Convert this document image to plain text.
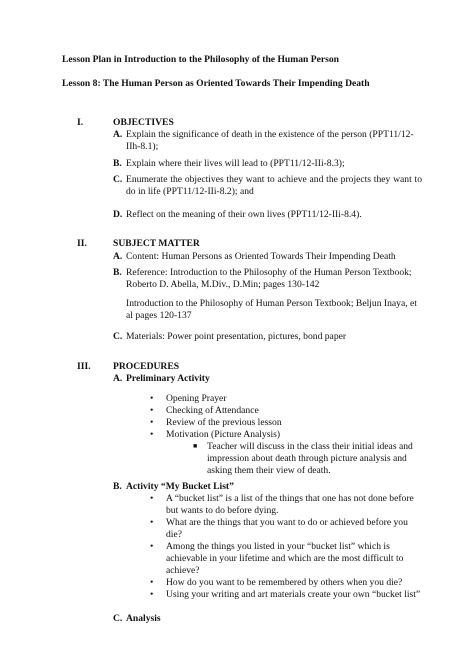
Lesson Plan in Introduction to the Philosophy of the Human Person
Lesson 8: The Human Person as Oriented Towards Their Impending Death
I.	OBJECTIVES
A. Explain the significance of death in the existence of the person (PPT11/12-IIh-8.1);
B. Explain where their lives will lead to (PPT11/12-IIi-8.3);
C. Enumerate the objectives they want to achieve and the projects they want to do in life (PPT11/12-IIi-8.2); and
D. Reflect on the meaning of their own lives (PPT11/12-IIi-8.4).
II.	SUBJECT MATTER
A. Content: Human Persons as Oriented Towards Their Impending Death
B. Reference: Introduction to the Philosophy of the Human Person Textbook; Roberto D. Abella, M.Div., D.Min; pages 130-142
Introduction to the Philosophy of Human Person Textbook; Beljun Inaya, et al pages 120-137
C. Materials: Power point presentation, pictures, bond paper
III. PROCEDURES
A. Preliminary Activity
• Opening Prayer
• Checking of Attendance
• Review of the previous lesson
• Motivation (Picture Analysis)
■ Teacher will discuss in the class their initial ideas and impression about death through picture analysis and asking them their view of death.
B. Activity “My Bucket List”
• A “bucket list” is a list of the things that one has not done before but wants to do before dying.
• What are the things that you want to do or achieved before you die?
• Among the things you listed in your “bucket list” which is achievable in your lifetime and which are the most difficult to achieve?
• How do you want to be remembered by others when you die?
• Using your writing and art materials create your own “bucket list”
C. Analysis
